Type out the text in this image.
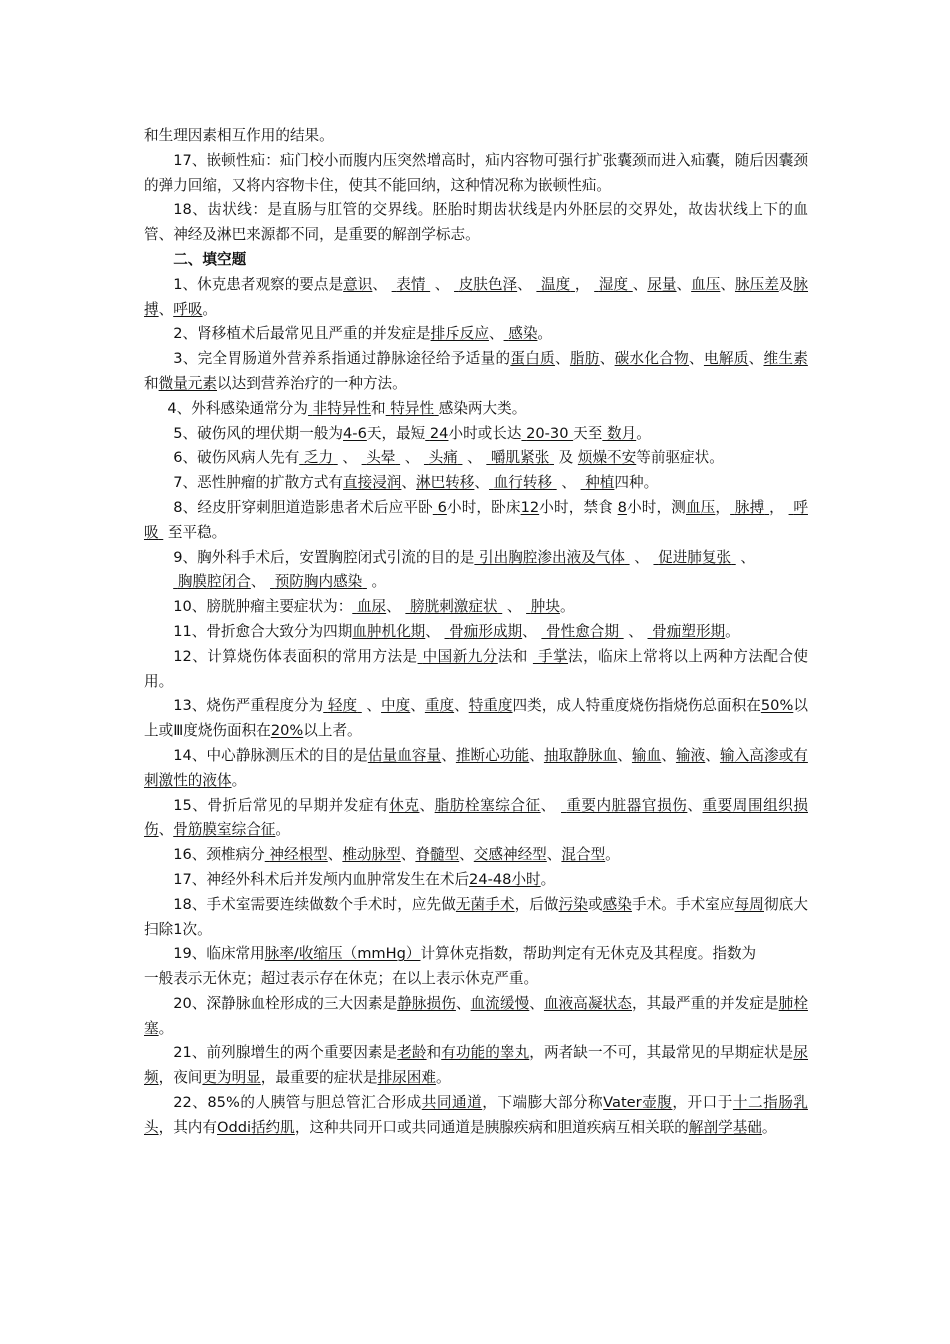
和生理因素相互作用的结果。

17、嵌顿性疝：疝门校小而腹内压突然增高时，疝内容物可强行扩张囊颈而进入疝囊，随后因囊颈的弹力回缩，又将内容物卡住，使其不能回纳，这种情况称为嵌顿性疝。

18、齿状线：是直肠与肛管的交界线。胚胎时期齿状线是内外胚层的交界处，故齿状线上下的血管、神经及淋巴来源都不同，是重要的解剖学标志。

二、填空题

1、休克患者观察的要点是意识、  表情  、  皮肤色泽、  温度 ，  湿度 、尿量、血压、脉压差及脉搏、呼吸。

2、肾移植术后最常见且严重的并发症是排斥反应、 感染。

3、完全胃肠道外营养系指通过静脉途径给予适量的蛋白质、脂肪、碳水化合物、电解质、维生素和微量元素以达到营养治疗的一种方法。

4、外科感染通常分为 非特异性和 特异性 感染两大类。

5、破伤风的埋伏期一般为4-6天，最短 24小时或长达 20-30 天至 数月。

6、破伤风病人先有 乏力  、  头晕  、  头痛  、  嚼肌紧张  及 烦燥不安等前驱症状。

7、恶性肿瘤的扩散方式有直接浸润、淋巴转移、 血行转移  、  种植四种。

8、经皮肝穿刺胆道造影患者术后应平卧 6小时，卧床12小时，禁食 8小时，测血压， 脉搏 ，  呼吸 至平稳。

9、胸外科手术后，安置胸腔闭式引流的目的是 引出胸腔渗出液及气体  、  促进肺复张  、

胸膜腔闭合、  预防胸内感染  。

10、膀胱肿瘤主要症状为： 血尿、  膀胱刺激症状  、  肿块。

11、骨折愈合大致分为四期血肿机化期、  骨痂形成期、  骨性愈合期  、  骨痂塑形期。

12、计算烧伤体表面积的常用方法是 中国新九分法和 手掌法，临床上常将以上两种方法配合使用。

13、烧伤严重程度分为 轻度  、中度、重度、特重度四类，成人特重度烧伤指烧伤总面积在50%以上或Ⅲ度烧伤面积在20%以上者。

14、中心静脉测压术的目的是估量血容量、推断心功能、抽取静脉血、输血、输液、输入高渗或有刺激性的液体。

15、骨折后常见的早期并发症有休克、脂肪栓塞综合征、  重要内脏器官损伤、重要周围组织损伤、骨筋膜室综合征。

16、颈椎病分 神经根型、椎动脉型、脊髓型、交感神经型、混合型。

17、神经外科术后并发颅内血肿常发生在术后24-48小时。

18、手术室需要连续做数个手术时，应先做无菌手术，后做污染或感染手术。手术室应每周彻底大扫除1次。

19、临床常用脉率/收缩压（mmHg）计算休克指数，帮助判定有无休克及其程度。指数为

一般表示无休克；超过表示存在休克；在以上表示休克严重。

20、深静脉血栓形成的三大因素是静脉损伤、血流缓慢、血液高凝状态，其最严重的并发症是肺栓塞。

21、前列腺增生的两个重要因素是老龄和有功能的睾丸，两者缺一不可，其最常见的早期症状是尿频，夜间更为明显，最重要的症状是排尿困难。

22、85%的人胰管与胆总管汇合形成共同通道，下端膨大部分称Vater壶腹，开口于十二指肠乳头，其内有Oddi括约肌，这种共同开口或共同通道是胰腺疾病和胆道疾病互相关联的解剖学基础。
